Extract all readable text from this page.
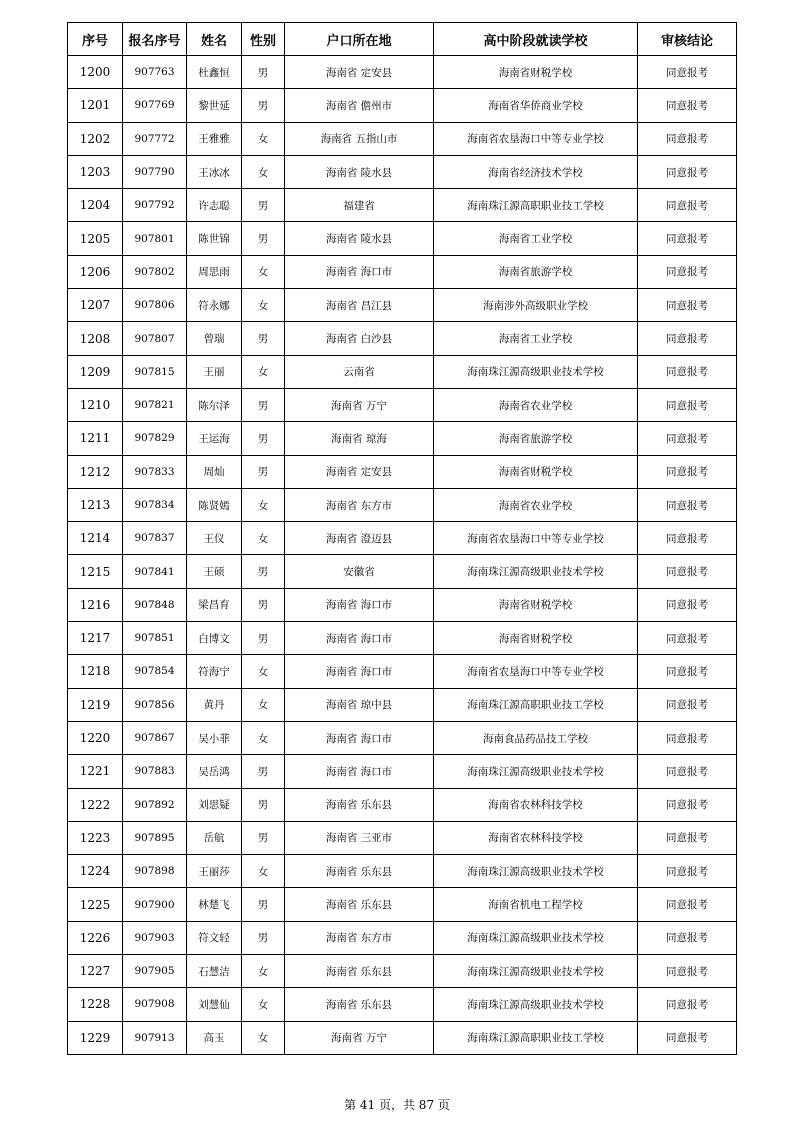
序号	报名序号	姓名	性别	户口所在地	高中阶段就读学校	审核结论
1200	907763	杜鑫恒	男	海南省 定安县	海南省财税学校	同意报考
1201	907769	黎世延	男	海南省 儋州市	海南省华侨商业学校	同意报考
1202	907772	王雅雅	女	海南省 五指山市	海南省农垦海口中等专业学校	同意报考
1203	907790	王冰冰	女	海南省 陵水县	海南省经济技术学校	同意报考
1204	907792	许志聪	男	福建省	海南珠江源高职职业技工学校	同意报考
1205	907801	陈世锦	男	海南省 陵水县	海南省工业学校	同意报考
1206	907802	周思雨	女	海南省 海口市	海南省旅游学校	同意报考
1207	907806	符永娜	女	海南省 昌江县	海南涉外高级职业学校	同意报考
1208	907807	曾瑞	男	海南省 白沙县	海南省工业学校	同意报考
1209	907815	王丽	女	云南省	海南珠江源高级职业技术学校	同意报考
1210	907821	陈尔泽	男	海南省 万宁	海南省农业学校	同意报考
1211	907829	王运海	男	海南省 琼海	海南省旅游学校	同意报考
1212	907833	周灿	男	海南省 定安县	海南省财税学校	同意报考
1213	907834	陈贤嫣	女	海南省 东方市	海南省农业学校	同意报考
1214	907837	王仪	女	海南省 澄迈县	海南省农垦海口中等专业学校	同意报考
1215	907841	王硕	男	安徽省	海南珠江源高级职业技术学校	同意报考
1216	907848	梁昌育	男	海南省 海口市	海南省财税学校	同意报考
1217	907851	白博文	男	海南省 海口市	海南省财税学校	同意报考
1218	907854	符海宁	女	海南省 海口市	海南省农垦海口中等专业学校	同意报考
1219	907856	黄丹	女	海南省 琼中县	海南珠江源高职职业技工学校	同意报考
1220	907867	吴小菲	女	海南省 海口市	海南食品药品技工学校	同意报考
1221	907883	吴岳鸿	男	海南省 海口市	海南珠江源高级职业技术学校	同意报考
1222	907892	刘思疑	男	海南省 乐东县	海南省农林科技学校	同意报考
1223	907895	岳航	男	海南省 三亚市	海南省农林科技学校	同意报考
1224	907898	王丽莎	女	海南省 乐东县	海南珠江源高级职业技术学校	同意报考
1225	907900	林楚飞	男	海南省 乐东县	海南省机电工程学校	同意报考
1226	907903	符文轻	男	海南省 东方市	海南珠江源高级职业技术学校	同意报考
1227	907905	石慧洁	女	海南省 乐东县	海南珠江源高级职业技术学校	同意报考
1228	907908	刘慧仙	女	海南省 乐东县	海南珠江源高级职业技术学校	同意报考
1229	907913	高玉	女	海南省 万宁	海南珠江源高职职业技工学校	同意报考
第 41 页，共 87 页
